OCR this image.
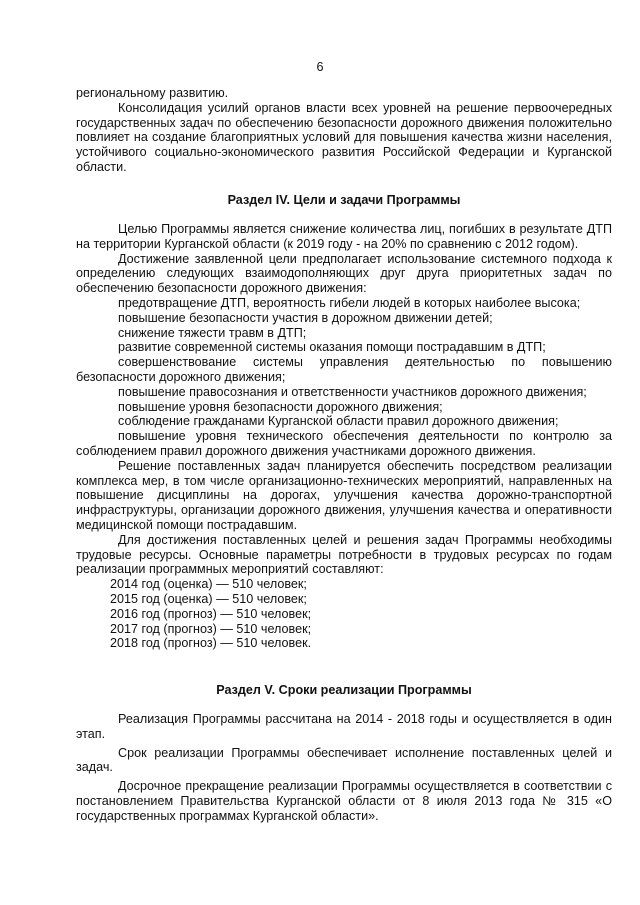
6

региональному развитию.

Консолидация усилий органов власти всех уровней на решение первоочередных государственных задач по обеспечению безопасности дорожного движения положительно повлияет на создание благоприятных условий для повышения качества жизни населения, устойчивого социально-экономического развития Российской Федерации и Курганской области.

Раздел IV. Цели и задачи Программы

Целью Программы является снижение количества лиц, погибших в результате ДТП на территории Курганской области (к 2019 году - на 20% по сравнению с 2012 годом).

Достижение заявленной цели предполагает использование системного подхода к определению следующих взаимодополняющих друг друга приоритетных задач по обеспечению безопасности дорожного движения:

предотвращение ДТП, вероятность гибели людей в которых наиболее высока;

повышение безопасности участия в дорожном движении детей;

снижение тяжести травм в ДТП;

развитие современной системы оказания помощи пострадавшим в ДТП;

совершенствование системы управления деятельностью по повышению безопасности дорожного движения;

повышение правосознания и ответственности участников дорожного движения;

повышение уровня безопасности дорожного движения;

соблюдение гражданами Курганской области правил дорожного движения;

повышение уровня технического обеспечения деятельности по контролю за соблюдением правил дорожного движения участниками дорожного движения.

Решение поставленных задач планируется обеспечить посредством реализации комплекса мер, в том числе организационно-технических мероприятий, направленных на повышение дисциплины на дорогах, улучшения качества дорожно-транспортной инфраструктуры, организации дорожного движения, улучшения качества и оперативности медицинской помощи пострадавшим.

Для достижения поставленных целей и решения задач Программы необходимы трудовые ресурсы. Основные параметры потребности в трудовых ресурсах по годам реализации программных мероприятий составляют:

2014 год (оценка) — 510 человек;

2015 год (оценка) — 510 человек;

2016 год (прогноз) — 510 человек;

2017 год (прогноз) — 510 человек;

2018 год (прогноз) — 510 человек.

Раздел V. Сроки реализации Программы

Реализация Программы рассчитана на 2014 - 2018 годы и осуществляется в один этап.

Срок реализации Программы обеспечивает исполнение поставленных целей и задач.

Досрочное прекращение реализации Программы осуществляется в соответствии с постановлением Правительства Курганской области от 8 июля 2013 года № 315 «О государственных программах Курганской области».
